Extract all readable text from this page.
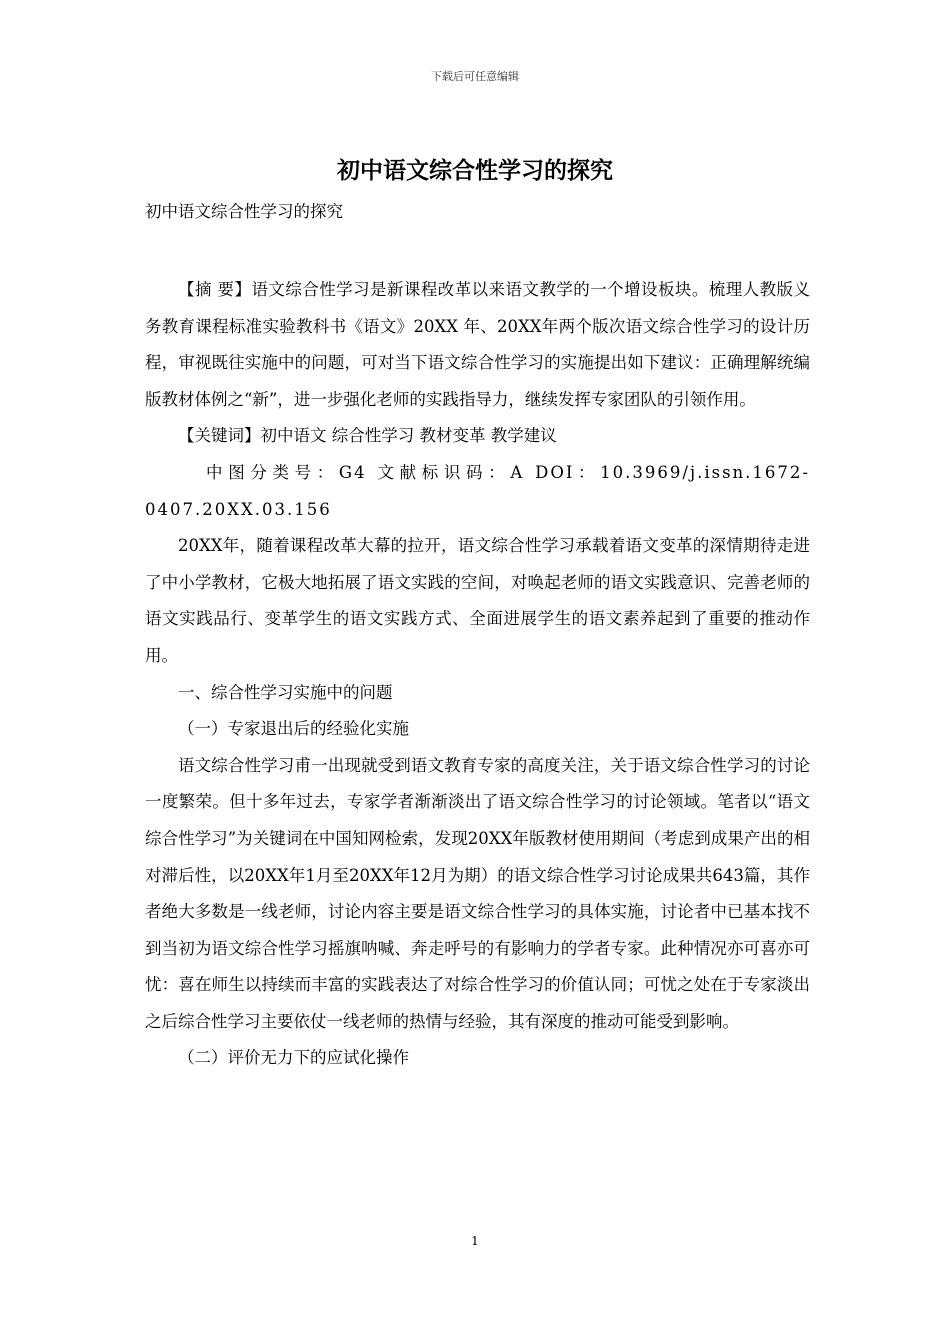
下载后可任意编辑
初中语文综合性学习的探究
初中语文综合性学习的探究

【摘 要】语文综合性学习是新课程改革以来语文教学的一个增设板块。梳理人教版义务教育课程标准实验教科书《语文》20XX 年、20XX年两个版次语文综合性学习的设计历程，审视既往实施中的问题，可对当下语文综合性学习的实施提出如下建议：正确理解统编版教材体例之“新”，进一步强化老师的实践指导力，继续发挥专家团队的引领作用。

【关键词】初中语文 综合性学习 教材变革 教学建议

中图分类号：G4 文献标识码：A DOI：10.3969/j.issn.1672-0407.20XX.03.156

20XX年，随着课程改革大幕的拉开，语文综合性学习承载着语文变革的深情期待走进了中小学教材，它极大地拓展了语文实践的空间，对唤起老师的语文实践意识、完善老师的语文实践品行、变革学生的语文实践方式、全面进展学生的语文素养起到了重要的推动作用。

一、综合性学习实施中的问题

（一）专家退出后的经验化实施

语文综合性学习甫一出现就受到语文教育专家的高度关注，关于语文综合性学习的讨论一度繁荣。但十多年过去，专家学者渐渐淡出了语文综合性学习的讨论领域。笔者以“语文综合性学习”为关键词在中国知网检索，发现20XX年版教材使用期间（考虑到成果产出的相对滞后性，以20XX年1月至20XX年12月为期）的语文综合性学习讨论成果共643篇，其作者绝大多数是一线老师，讨论内容主要是语文综合性学习的具体实施，讨论者中已基本找不到当初为语文综合性学习摇旗呐喊、奔走呼号的有影响力的学者专家。此种情况亦可喜亦可忧：喜在师生以持续而丰富的实践表达了对综合性学习的价值认同；可忧之处在于专家淡出之后综合性学习主要依仗一线老师的热情与经验，其有深度的推动可能受到影响。

（二）评价无力下的应试化操作

1
